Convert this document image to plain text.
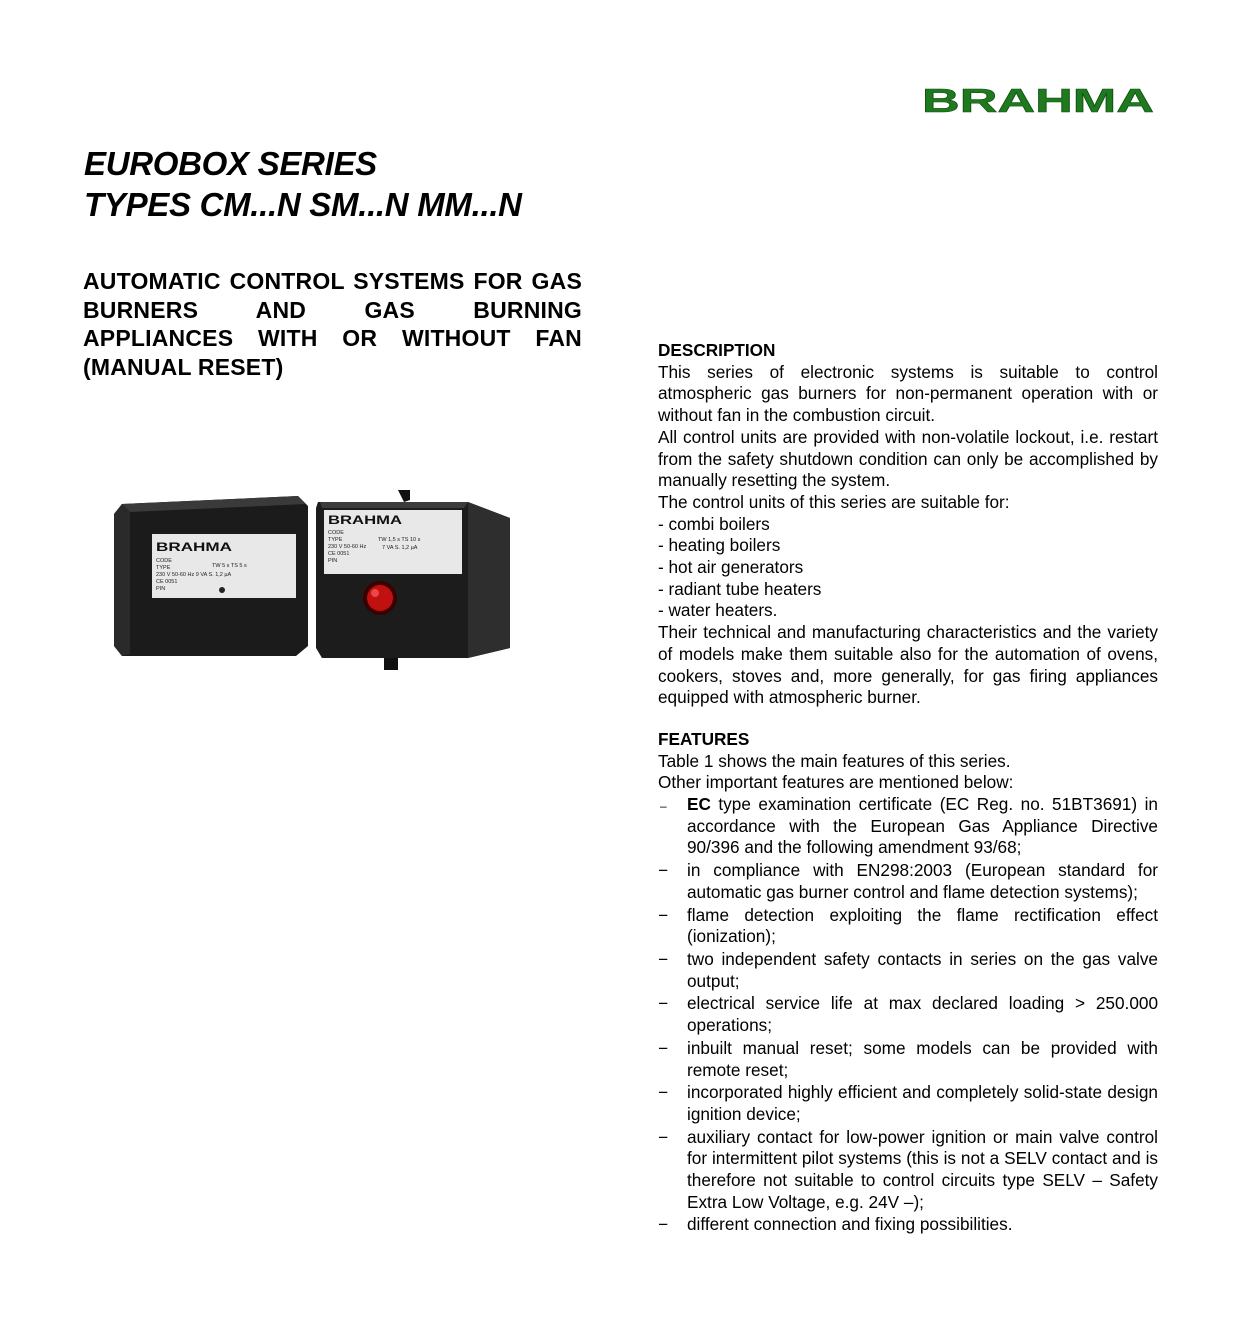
BRAHMA
EUROBOX SERIES
TYPES CM...N SM...N MM...N
AUTOMATIC CONTROL SYSTEMS FOR GAS BURNERS AND GAS BURNING APPLIANCES WITH OR WITHOUT FAN (MANUAL RESET)
BRAHMA
CODE
TYPE	TW 5 s TS 5 s
230 V 50-60 Hz 9 VA S. 1,2 µA
CE 0051
PIN
BRAHMA
CODE
TYPE	TW 1,5 s TS 10 s
230 V 50-60 Hz	7 VA S. 1,2 µA
CE 0051
PIN
DESCRIPTION

This series of electronic systems is suitable to control atmospheric gas burners for non-permanent operation with or without fan in the combustion circuit.

All control units are provided with non-volatile lockout, i.e. restart from the safety shutdown condition can only be accomplished by manually resetting the system.

The control units of this series are suitable for:

- combi boilers
- heating boilers
- hot air generators
- radiant tube heaters
- water heaters.

Their technical and manufacturing characteristics and the variety of models make them suitable also for the automation of ovens, cookers, stoves and, more generally, for gas firing appliances equipped with atmospheric burner.

FEATURES

Table 1 shows the main features of this series.

Other important features are mentioned below:

– EC type examination certificate (EC Reg. no. 51BT3691) in accordance with the European Gas Appliance Directive 90/396 and the following amendment 93/68;
− in compliance with EN298:2003 (European standard for automatic gas burner control and flame detection systems);
− flame detection exploiting the flame rectification effect (ionization);
− two independent safety contacts in series on the gas valve output;
− electrical service life at max declared loading > 250.000 operations;
− inbuilt manual reset; some models can be provided with remote reset;
− incorporated highly efficient and completely solid-state design ignition device;
− auxiliary contact for low-power ignition or main valve control for intermittent pilot systems (this is not a SELV contact and is therefore not suitable to control circuits type SELV – Safety Extra Low Voltage, e.g. 24V –);
− different connection and fixing possibilities.
